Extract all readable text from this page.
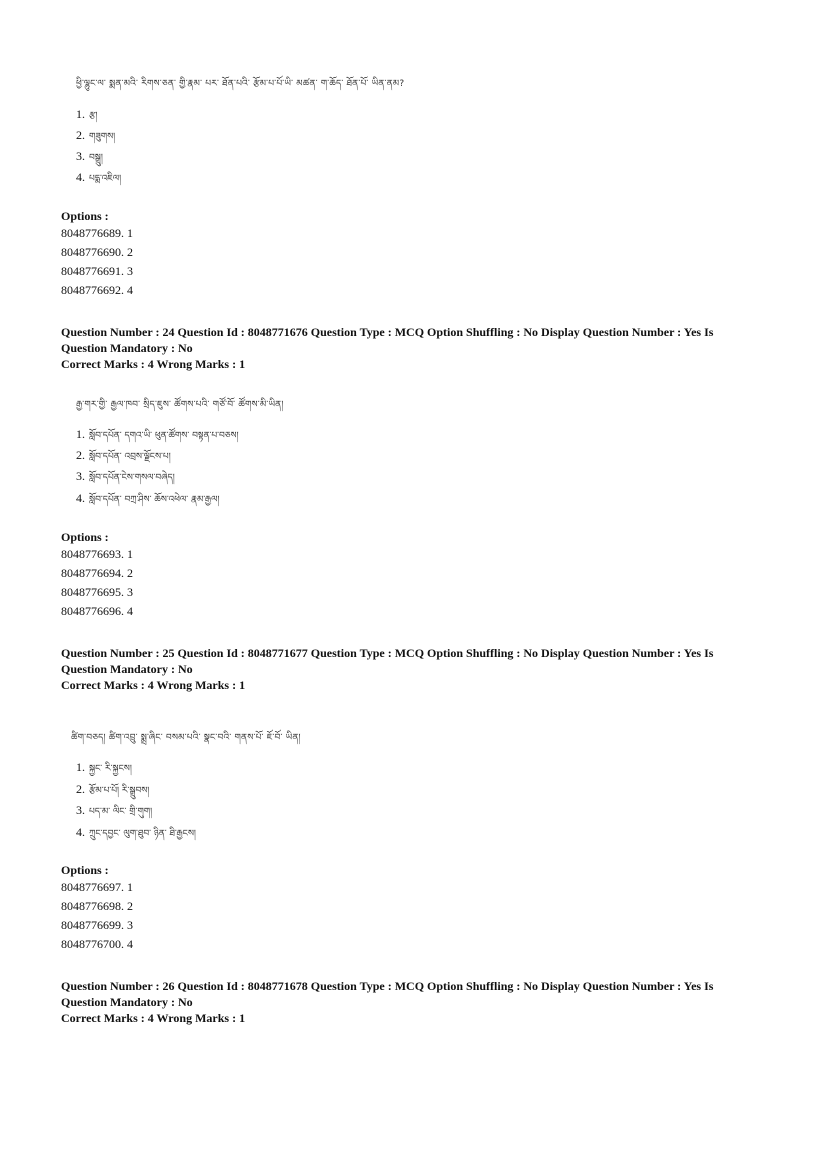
ཕྱི་ལྷུང་ལ་ སྨན་མའི་ རིགས་ཅན་ གྱི་རྣམ་ པར་ ཐོན་པའི་ རྩོམ་པ་པོ་ཡི་ མཚན་ ག་ཆོད་ ཐོན་པོ་ ཡིན་ནམ?
1. རྩ།
2. གཟུགས།
3. བསྒྲུ།
4. པདྨ་འཇིལ།
Options :
8048776689. 1
8048776690. 2
8048776691. 3
8048776692. 4
Question Number : 24 Question Id : 8048771676 Question Type : MCQ Option Shuffling : No Display Question Number : Yes Is Question Mandatory : No
Correct Marks : 4 Wrong Marks : 1
རྒྱ་གར་གྱི་ རྒྱལ་ཁབ་ སྲིད་ཇུས་ ཚོགས་པའི་ གཙོ་བོ་ ཚོགས་མི་ཡིན།
1. སློབ་དཔོན་ དགའ་ཡི་ ཕུན་ཚོགས་ བསྟན་པ་བཅས།
2. སློབ་དཔོན་ འབྲས་ལྗོངས་པ།
3. སློབ་དཔོན་ངེས་གསལ་བཞེད།
4. སློབ་དཔོན་ བཀྲ་ཤིས་ ཆོས་འཕེལ་ རྣམ་རྒྱལ།
Options :
8048776693. 1
8048776694. 2
8048776695. 3
8048776696. 4
Question Number : 25 Question Id : 8048771677 Question Type : MCQ Option Shuffling : No Display Question Number : Yes Is Question Mandatory : No
Correct Marks : 4 Wrong Marks : 1
ཚིག་བཅད། ཚིག་འབྲུ་ སྨྲ་ཞིང་ བསམ་པའི་ སྣང་བའི་ གནས་པོ་ ཇོ་བོ་ ཡིན།
1. སྐྱང་ རི་སྐྱངས།
2. རྩོམ་པ་པོ། རི་སྒྲུབས།
3. པད་མ་ ལིང་ གྲི་གུག།
4. ཀྲུང་དབྱང་ ལུག་ཐུབ་ ཉིན་ ཐི་རྒྱངས།
Options :
8048776697. 1
8048776698. 2
8048776699. 3
8048776700. 4
Question Number : 26 Question Id : 8048771678 Question Type : MCQ Option Shuffling : No Display Question Number : Yes Is Question Mandatory : No
Correct Marks : 4 Wrong Marks : 1
